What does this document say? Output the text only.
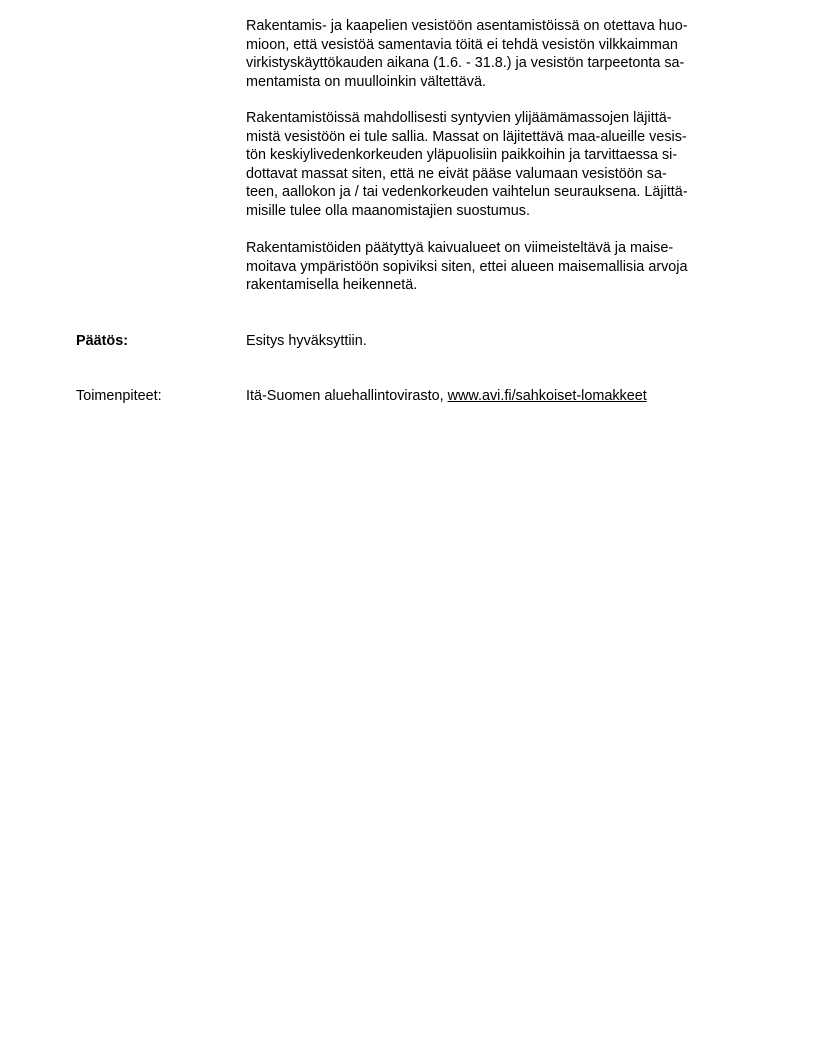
Rakentamis- ja kaapelien vesistöön asentamistöissä on otettava huo-
mioon, että vesistöä samentavia töitä ei tehdä vesistön vilkkaimman
virkistyskäyttökauden aikana (1.6. - 31.8.) ja vesistön tarpeetonta sa-
mentamista on muulloinkin vältettävä.
Rakentamistöissä mahdollisesti syntyvien ylijäämämassojen läjittä-
mistä vesistöön ei tule sallia. Massat on läjitettävä maa-alueille vesis-
tön keskiylivedenkorkeuden yläpuolisiin paikkoihin ja tarvittaessa si-
dottavat massat siten, että ne eivät pääse valumaan vesistöön sa-
teen, aallokon ja / tai vedenkorkeuden vaihtelun seurauksena. Läjittä-
misille tulee olla maanomistajien suostumus.
Rakentamistöiden päätyttyä kaivualueet on viimeisteltävä ja maise-
moitava ympäristöön sopiviksi siten, ettei alueen maisemallisia arvoja
rakentamisella heikennetä.
Päätös:	Esitys hyväksyttiin.
Toimenpiteet:	Itä-Suomen aluehallintovirasto, www.avi.fi/sahkoiset-lomakkeet
